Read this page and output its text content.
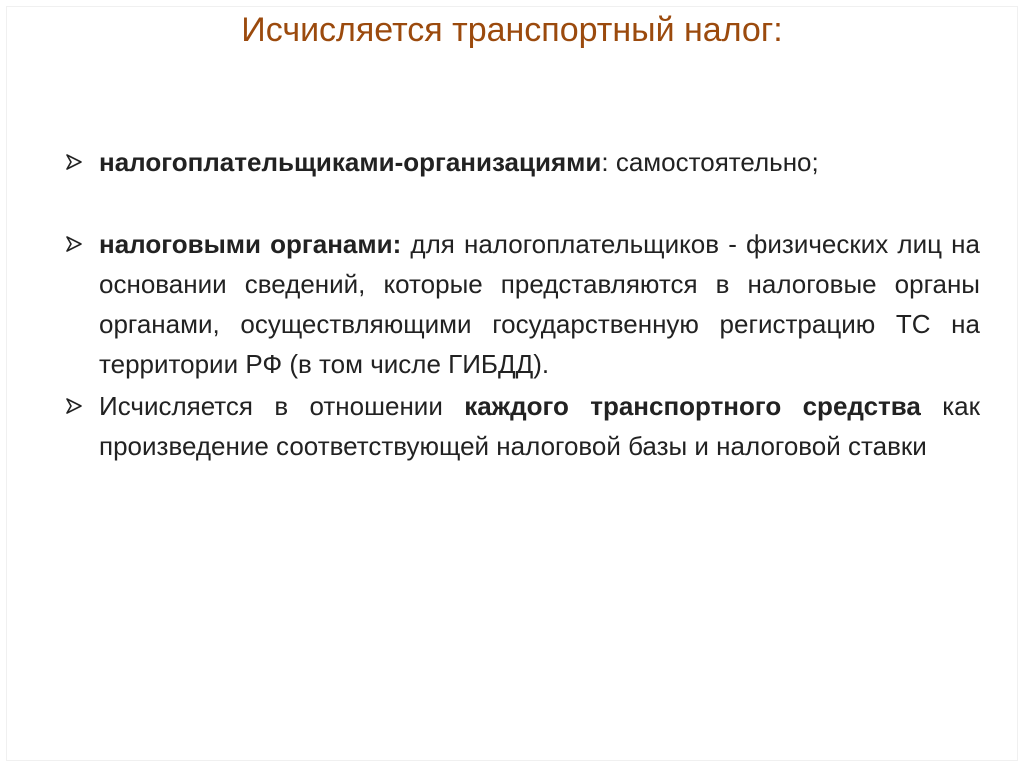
Исчисляется транспортный налог:
налогоплательщиками-организациями: самостоятельно;
налоговыми органами: для налогоплательщиков - физических лиц на основании сведений, которые представляются в налоговые органы органами, осуществляющими государственную регистрацию ТС на территории РФ (в том числе ГИБДД).
Исчисляется в отношении каждого транспортного средства как произведение соответствующей налоговой базы и налоговой ставки
